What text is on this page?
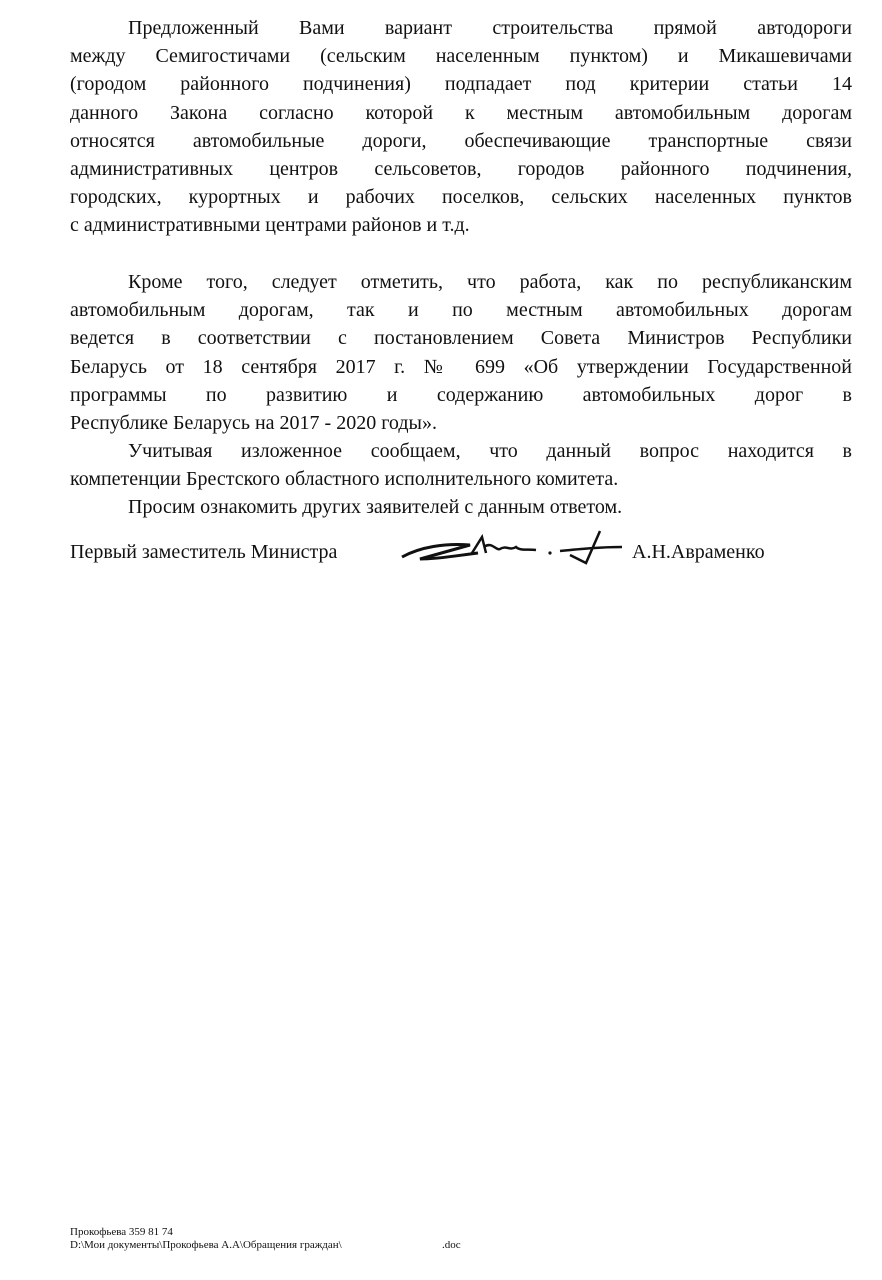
Предложенный Вами вариант строительства прямой автодороги
между Семигостичами (сельским населенным пунктом) и Микашевичами
(городом районного подчинения) подпадает под критерии статьи 14
данного Закона согласно которой к местным автомобильным дорогам
относятся автомобильные дороги, обеспечивающие транспортные связи
административных центров сельсоветов, городов районного подчинения,
городских, курортных и рабочих поселков, сельских населенных пунктов
с административными центрами районов и т.д.
Кроме того, следует отметить, что работа, как по республиканским
автомобильным дорогам, так и по местным автомобильных дорогам
ведется в соответствии с постановлением Совета Министров Республики
Беларусь от 18 сентября 2017 г. № 699 «Об утверждении Государственной
программы по развитию и содержанию автомобильных дорог в
Республике Беларусь на 2017 - 2020 годы».
Учитывая изложенное сообщаем, что данный вопрос находится в
компетенции Брестского областного исполнительного комитета.
Просим ознакомить других заявителей с данным ответом.
Первый заместитель Министра	А.Н.Авраменко
Прокофьева 359 81 74
D:\Мои документы\Прокофьева А.А\Обращения граждан\	.doc
